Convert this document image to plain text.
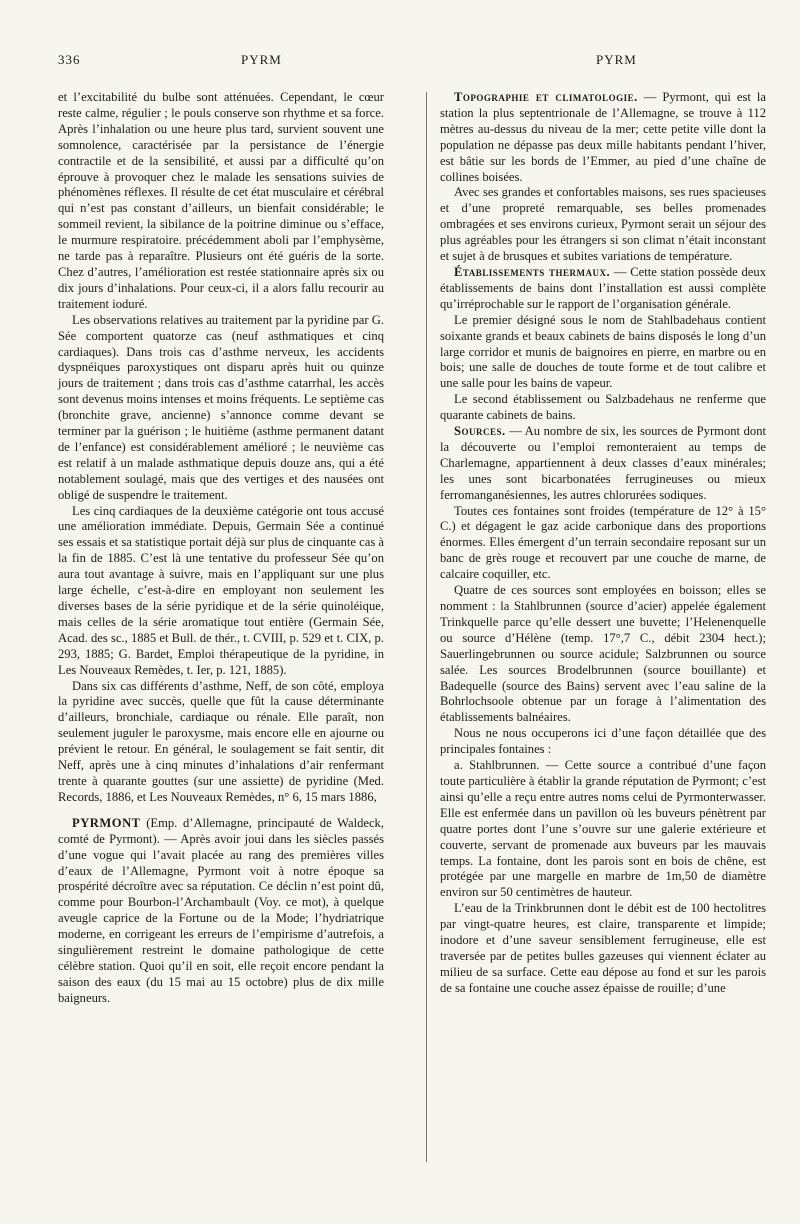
336	PYRM	PYRM

et l’excitabilité du bulbe sont atténuées. Cependant, le cœur reste calme, régulier ; le pouls conserve son rhythme et sa force. Après l’inhalation ou une heure plus tard, survient souvent une somnolence, caractérisée par la persistance de l’énergie contractile et de la sensibilité, et aussi par a difficulté qu’on éprouve à provoquer chez le malade les sensations suivies de phénomènes réflexes. Il résulte de cet état musculaire et cérébral qui n’est pas constant d’ailleurs, un bienfait considérable; le sommeil revient, la sibilance de la poitrine diminue ou s’efface, le murmure respiratoire. précédemment aboli par l’emphysème, ne tarde pas à reparaître. Plusieurs ont été guéris de la sorte. Chez d’autres, l’amélioration est restée stationnaire après six ou dix jours d’inhalations. Pour ceux-ci, il a alors fallu recourir au traitement ioduré.

Les observations relatives au traitement par la pyridine par G. Sée comportent quatorze cas (neuf asthmatiques et cinq cardiaques). Dans trois cas d’asthme nerveux, les accidents dyspnéiques paroxystiques ont disparu après huit ou quinze jours de traitement ; dans trois cas d’asthme catarrhal, les accès sont devenus moins intenses et moins fréquents. Le septième cas (bronchite grave, ancienne) s’annonce comme devant se terminer par la guérison ; le huitième (asthme permanent datant de l’enfance) est considérablement amélioré ; le neuvième cas est relatif à un malade asthmatique depuis douze ans, qui a été notablement soulagé, mais que des vertiges et des nausées ont obligé de suspendre le traitement.

Les cinq cardiaques de la deuxième catégorie ont tous accusé une amélioration immédiate. Depuis, Germain Sée a continué ses essais et sa statistique portait déjà sur plus de cinquante cas à la fin de 1885. C’est là une tentative du professeur Sée qu’on aura tout avantage à suivre, mais en l’appliquant sur une plus large échelle, c’est-à-dire en employant non seulement les diverses bases de la série pyridique et de la série quinoléique, mais celles de la série aromatique tout entière (Germain Sée, Acad. des sc., 1885 et Bull. de thér., t. CVIII, p. 529 et t. CIX, p. 293, 1885; G. Bardet, Emploi thérapeutique de la pyridine, in Les Nouveaux Remèdes, t. Ier, p. 121, 1885).

Dans six cas différents d’asthme, Neff, de son côté, employa la pyridine avec succès, quelle que fût la cause déterminante d’ailleurs, bronchiale, cardiaque ou rénale. Elle paraît, non seulement juguler le paroxysme, mais encore elle en ajourne ou prévient le retour. En général, le soulagement se fait sentir, dit Neff, après une à cinq minutes d’inhalations d’air renfermant trente à quarante gouttes (sur une assiette) de pyridine (Med. Records, 1886, et Les Nouveaux Remèdes, n° 6, 15 mars 1886,

PYRMONT (Emp. d’Allemagne, principauté de Waldeck, comté de Pyrmont). — Après avoir joui dans les siècles passés d’une vogue qui l’avait placée au rang des premières villes d’eaux de l’Allemagne, Pyrmont voit à notre époque sa prospérité décroître avec sa réputation. Ce déclin n’est point dû, comme pour Bourbon-l’Archambault (Voy. ce mot), à quelque aveugle caprice de la Fortune ou de la Mode; l’hydriatrique moderne, en corrigeant les erreurs de l’empirisme d’autrefois, a singulièrement restreint le domaine pathologique de cette célèbre station. Quoi qu’il en soit, elle reçoit encore pendant la saison des eaux (du 15 mai au 15 octobre) plus de dix mille baigneurs.

Topographie et climatologie. — Pyrmont, qui est la station la plus septentrionale de l’Allemagne, se trouve à 112 mètres au-dessus du niveau de la mer; cette petite ville dont la population ne dépasse pas deux mille habitants pendant l’hiver, est bâtie sur les bords de l’Emmer, au pied d’une chaîne de collines boisées.

Avec ses grandes et confortables maisons, ses rues spacieuses et d’une propreté remarquable, ses belles promenades ombragées et ses environs curieux, Pyrmont serait un séjour des plus agréables pour les étrangers si son climat n’était inconstant et sujet à de brusques et subites variations de température.

Établissements thermaux. — Cette station possède deux établissements de bains dont l’installation est aussi complète qu’irréprochable sur le rapport de l’organisation générale.

Le premier désigné sous le nom de Stahlbadehaus contient soixante grands et beaux cabinets de bains disposés le long d’un large corridor et munis de baignoires en pierre, en marbre ou en bois; une salle de douches de toute forme et de tout calibre et une salle pour les bains de vapeur.

Le second établissement ou Salzbadehaus ne renferme que quarante cabinets de bains.

Sources. — Au nombre de six, les sources de Pyrmont dont la découverte ou l’emploi remonteraient au temps de Charlemagne, appartiennent à deux classes d’eaux minérales; les unes sont bicarbonatées ferrugineuses ou mieux ferromanganésiennes, les autres chlorurées sodiques.

Toutes ces fontaines sont froides (température de 12° à 15° C.) et dégagent le gaz acide carbonique dans des proportions énormes. Elles émergent d’un terrain secondaire reposant sur un banc de grès rouge et recouvert par une couche de marne, de calcaire coquiller, etc.

Quatre de ces sources sont employées en boisson; elles se nomment : la Stahlbrunnen (source d’acier) appelée également Trinkquelle parce qu’elle dessert une buvette; l’Helenenquelle ou source d’Hélène (temp. 17°,7 C., débit 2304 hect.); Sauerlingebrunnen ou source acidule; Salzbrunnen ou source salée. Les sources Brodelbrunnen (source bouillante) et Badequelle (source des Bains) servent avec l’eau saline de la Bohrlochsoole obtenue par un forage à l’alimentation des établissements balnéaires.

Nous ne nous occuperons ici d’une façon détaillée que des principales fontaines :

a. Stahlbrunnen. — Cette source a contribué d’une façon toute particulière à établir la grande réputation de Pyrmont; c’est ainsi qu’elle a reçu entre autres noms celui de Pyrmonterwasser. Elle est enfermée dans un pavillon où les buveurs pénètrent par quatre portes dont l’une s’ouvre sur une galerie extérieure et couverte, servant de promenade aux buveurs par les mauvais temps. La fontaine, dont les parois sont en bois de chêne, est protégée par une margelle en marbre de 1m,50 de diamètre environ sur 50 centimètres de hauteur.

L’eau de la Trinkbrunnen dont le débit est de 100 hectolitres par vingt-quatre heures, est claire, transparente et limpide; inodore et d’une saveur sensiblement ferrugineuse, elle est traversée par de petites bulles gazeuses qui viennent éclater au milieu de sa surface. Cette eau dépose au fond et sur les parois de sa fontaine une couche assez épaisse de rouille; d’une
